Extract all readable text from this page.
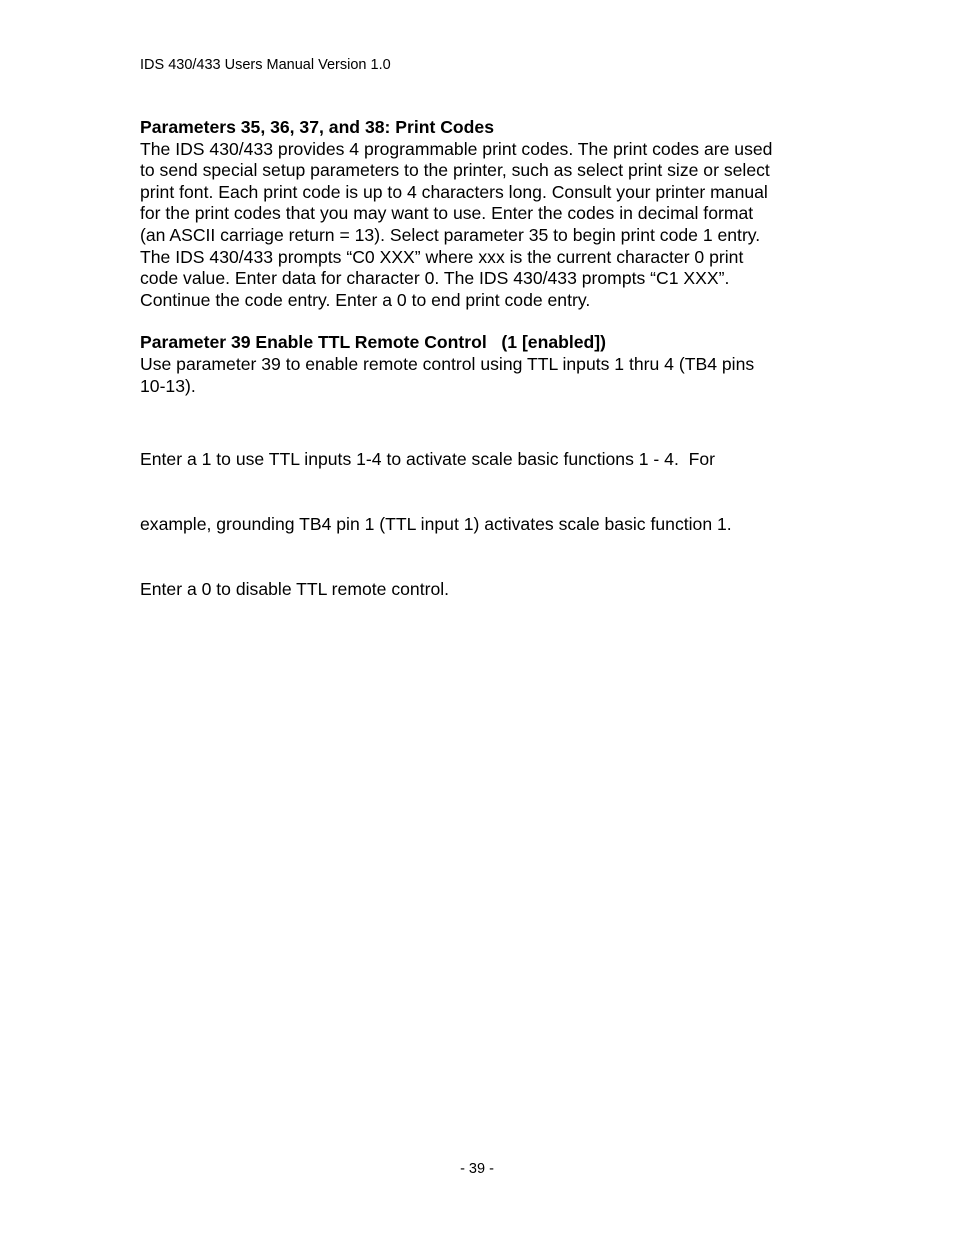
IDS 430/433 Users Manual Version 1.0
Parameters 35, 36, 37, and 38: Print Codes
The IDS 430/433 provides 4 programmable print codes. The print codes are used
to send special setup parameters to the printer, such as select print size or select
print font. Each print code is up to 4 characters long. Consult your printer manual
for the print codes that you may want to use. Enter the codes in decimal format
(an ASCII carriage return = 13). Select parameter 35 to begin print code 1 entry.
The IDS 430/433 prompts “C0 XXX” where xxx is the current character 0 print
code value. Enter data for character 0. The IDS 430/433 prompts “C1 XXX”.
Continue the code entry. Enter a 0 to end print code entry.
Parameter 39 Enable TTL Remote Control   (1 [enabled])
Use parameter 39 to enable remote control using TTL inputs 1 thru 4 (TB4 pins
10-13).

Enter a 1 to use TTL inputs 1-4 to activate scale basic functions 1 - 4.  For

example, grounding TB4 pin 1 (TTL input 1) activates scale basic function 1.

Enter a 0 to disable TTL remote control.

- 39 -
